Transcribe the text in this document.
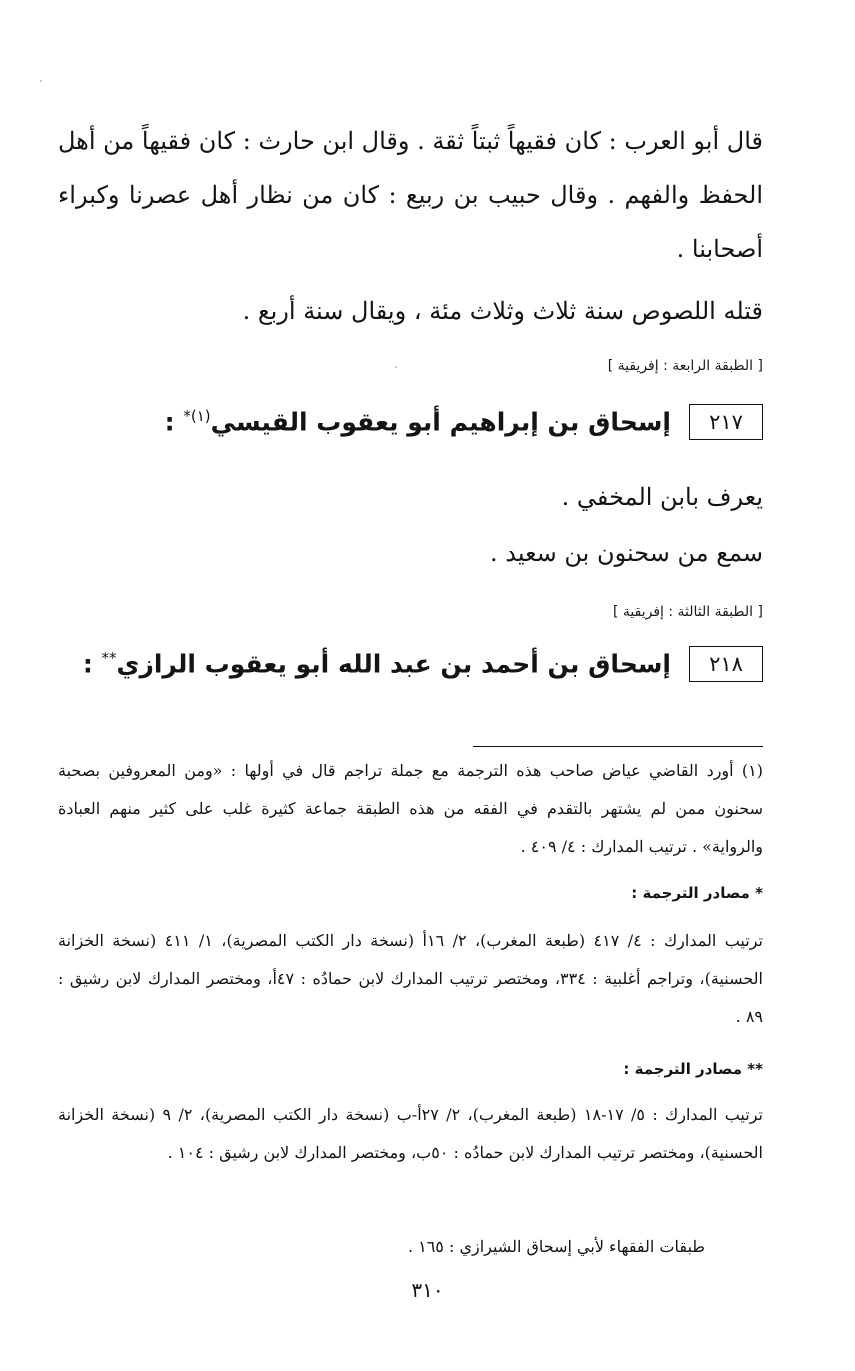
قال أبو العرب : كان فقيهاً ثبتاً ثقة . وقال ابن حارث : كان فقيهاً من أهل الحفظ والفهم . وقال حبيب بن ربيع : كان من نظار أهل عصرنا وكبراء أصحابنا .
قتله اللصوص سنة ثلاث وثلاث مئة ، ويقال سنة أربع .
[ الطبقة الرابعة : إفريقية ]
٢١٧
إسحاق بن إبراهيم أبو يعقوب القيسي$^{(١)*}$ :
يعرف بابن المخفي .
سمع من سحنون بن سعيد .
[ الطبقة الثالثة : إفريقية ]
٢١٨
إسحاق بن أحمد بن عبد الله أبو يعقوب الرازي** :
(١) أورد القاضي عياض صاحب هذه الترجمة مع جملة تراجم قال في أولها : «ومن المعروفين بصحبة سحنون ممن لم يشتهر بالتقدم في الفقه من هذه الطبقة جماعة كثيرة غلب على كثير منهم العبادة والرواية» . ترتيب المدارك : ٤/ ٤٠٩ .
* مصادر الترجمة :
ترتيب المدارك : ٤/ ٤١٧ (طبعة المغرب)، ٢/ ١٦أ (نسخة دار الكتب المصرية)، ١/ ٤١١ (نسخة الخزانة الحسنية)، وتراجم أغلبية : ٣٣٤، ومختصر ترتيب المدارك لابن حمادُه : ٤٧أ، ومختصر المدارك لابن رشيق : ٨٩ .
** مصادر الترجمة :
ترتيب المدارك : ٥/ ١٧-١٨ (طبعة المغرب)، ٢/ ٢٧أ-ب (نسخة دار الكتب المصرية)، ٢/ ٩ (نسخة الخزانة الحسنية)، ومختصر ترتيب المدارك لابن حمادُه : ٥٠ب، ومختصر المدارك لابن رشيق : ١٠٤ .
طبقات الفقهاء لأبي إسحاق الشيرازي : ١٦٥ .
٣١٠
